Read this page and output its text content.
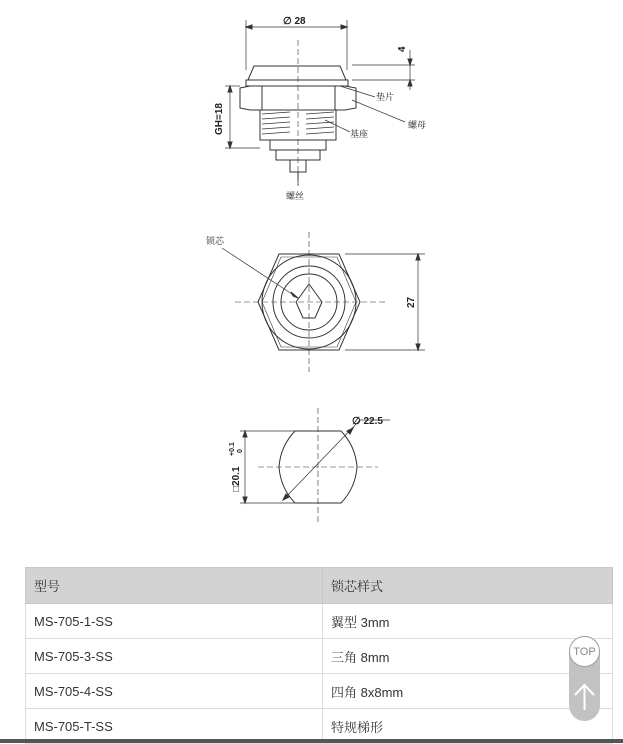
∅ 28
4
GH=18
垫片
螺母
基座
螺丝
锁芯
27
∅ 22.5
□20.1
+0.1 0
型号	锁芯样式
MS-705-1-SS	翼型 3mm
MS-705-3-SS	三角 8mm
MS-705-4-SS	四角 8x8mm
MS-705-T-SS	特规梯形
TOP
